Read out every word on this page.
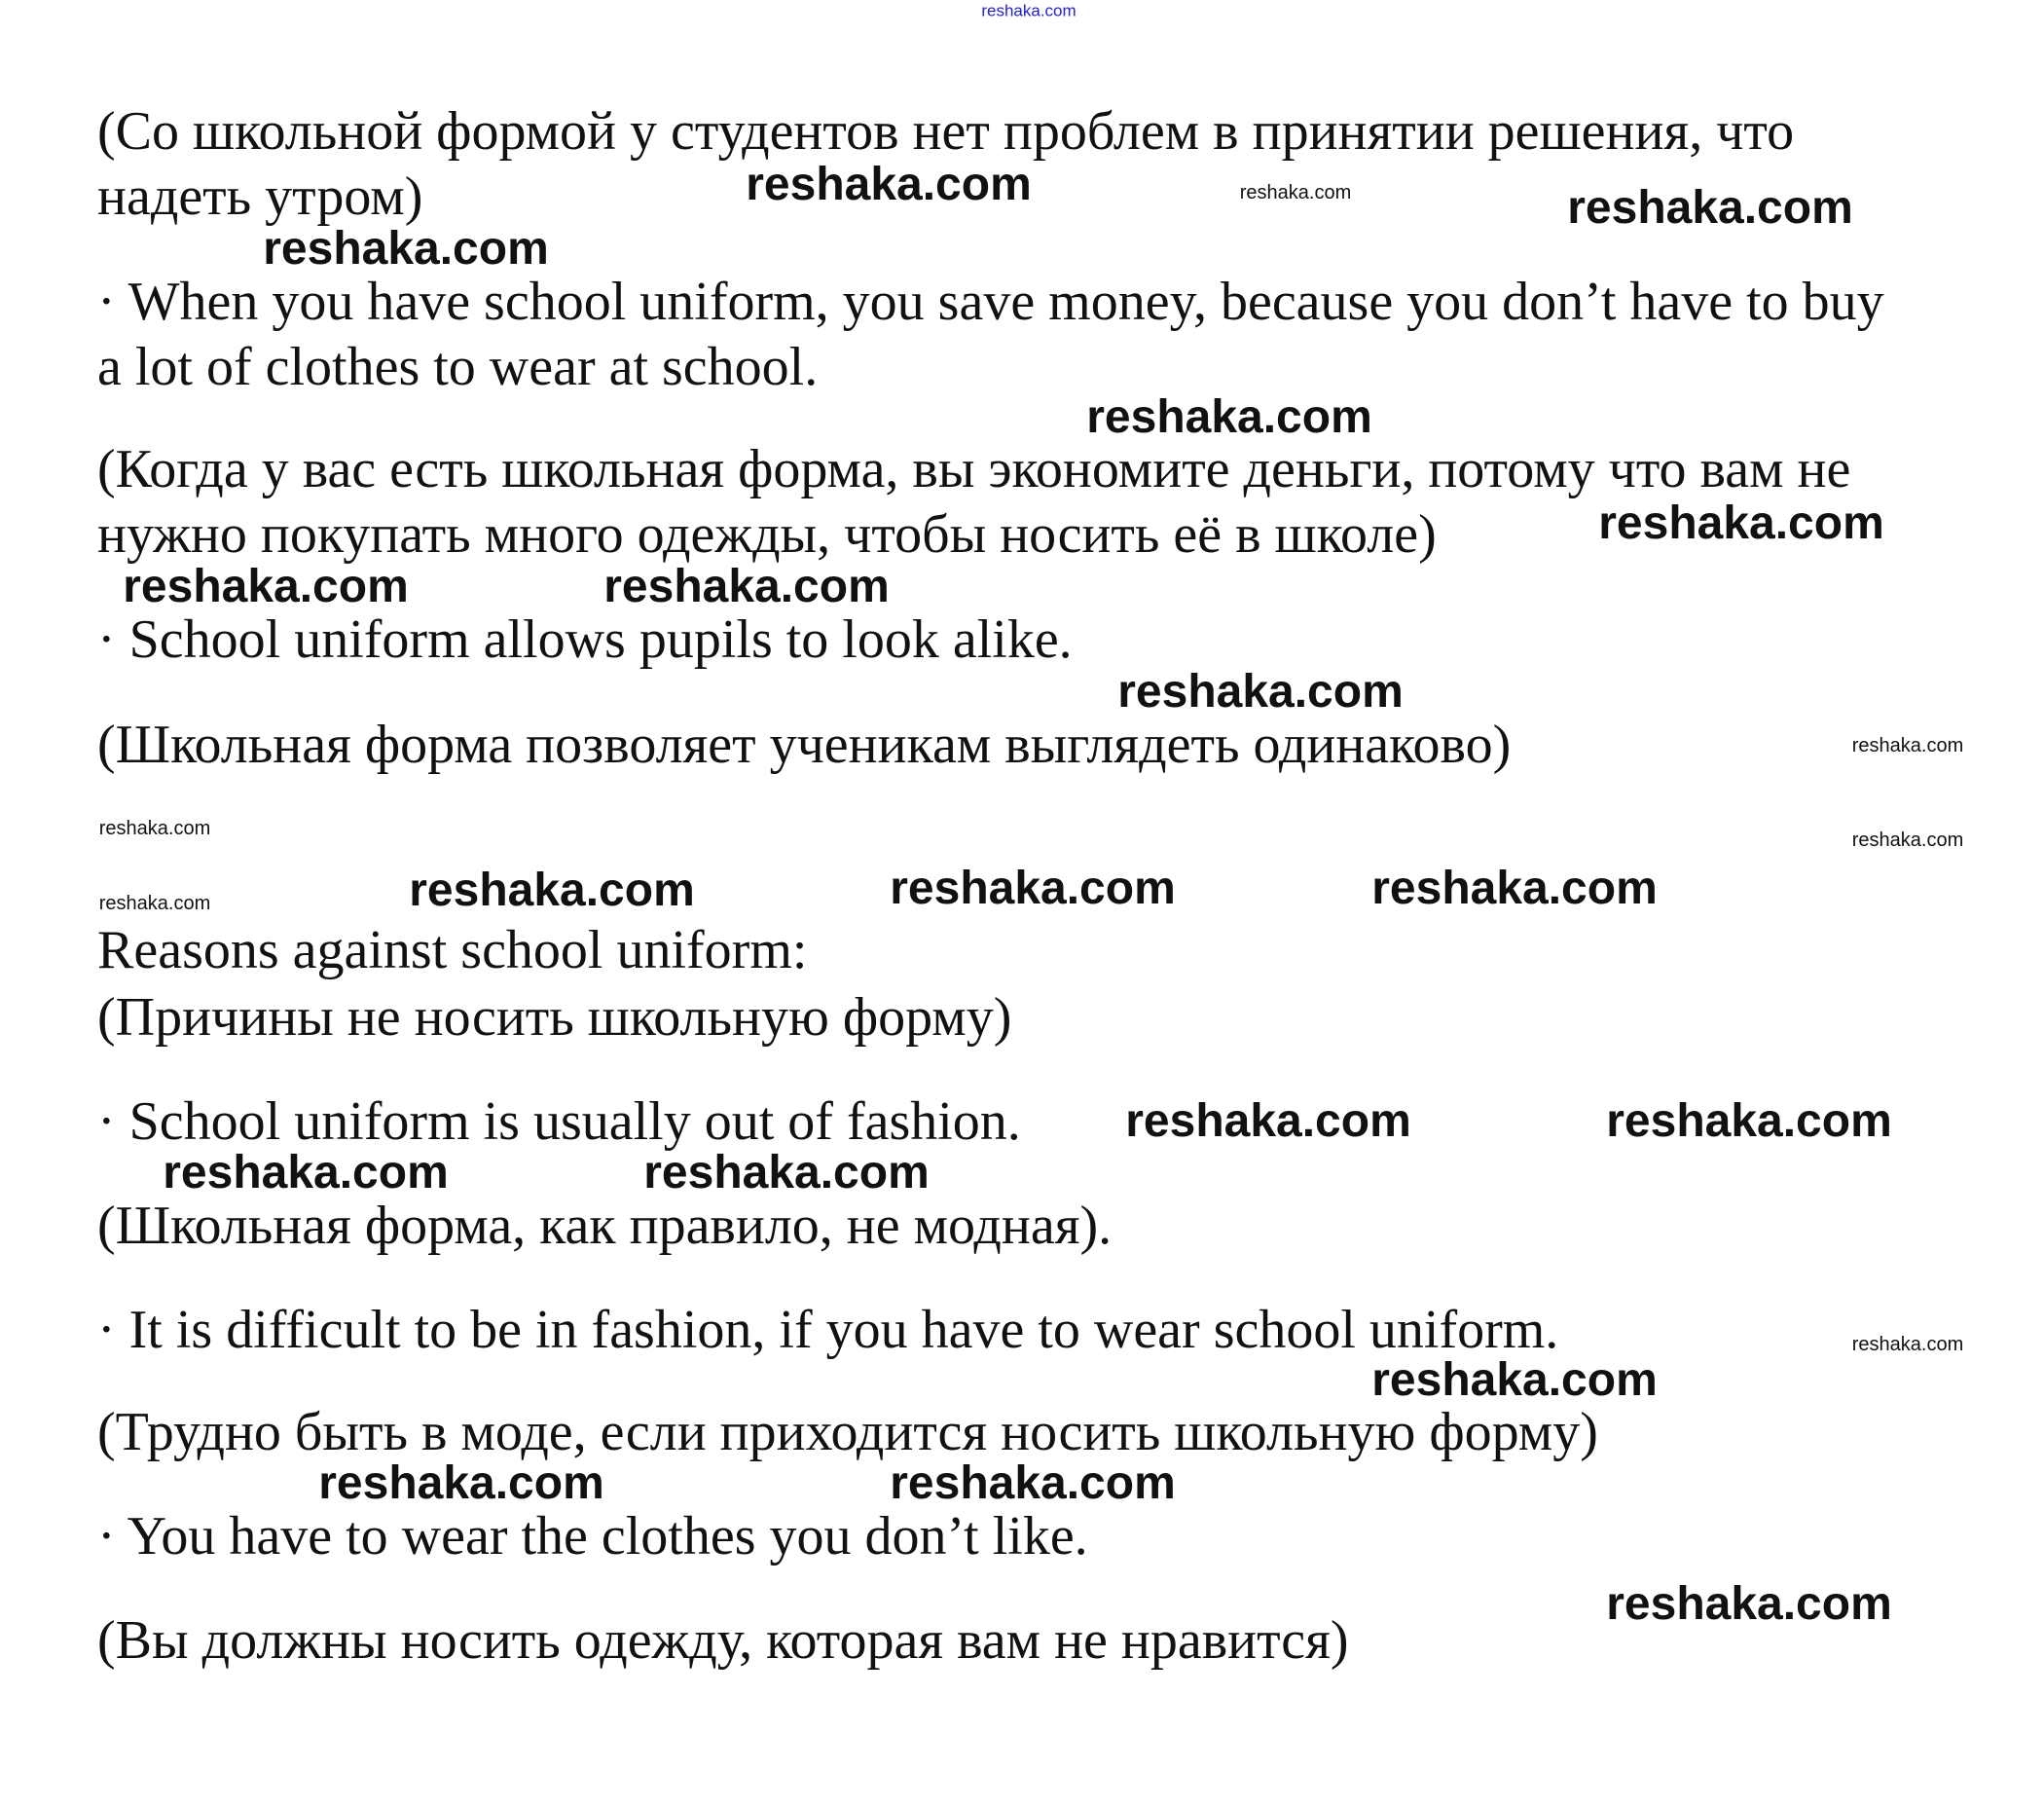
reshaka.com
(Со школьной формой у студентов нет проблем в принятии решения, что
надеть утром)
· When you have school uniform, you save money, because you don’t have to buy
a lot of clothes to wear at school.
(Когда у вас есть школьная форма, вы экономите деньги, потому что вам не
нужно покупать много одежды, чтобы носить её в школе)
· School uniform allows pupils to look alike.
(Школьная форма позволяет ученикам выглядеть одинаково)
Reasons against school uniform:
(Причины не носить школьную форму)
· School uniform is usually out of fashion.
(Школьная форма, как правило, не модная).
· It is difficult to be in fashion, if you have to wear school uniform.
(Трудно быть в моде, если приходится носить школьную форму)
· You have to wear the clothes you don’t like.
(Вы должны носить одежду, которая вам не нравится)
reshaka.com	reshaka.com
reshaka.com
reshaka.com
reshaka.com
reshaka.com	reshaka.com
reshaka.com
reshaka.com	reshaka.com	reshaka.com
reshaka.com	reshaka.com
reshaka.com	reshaka.com
reshaka.com
reshaka.com	reshaka.com
reshaka.com
reshaka.com
reshaka.com
reshaka.com
reshaka.com
reshaka.com
reshaka.com
